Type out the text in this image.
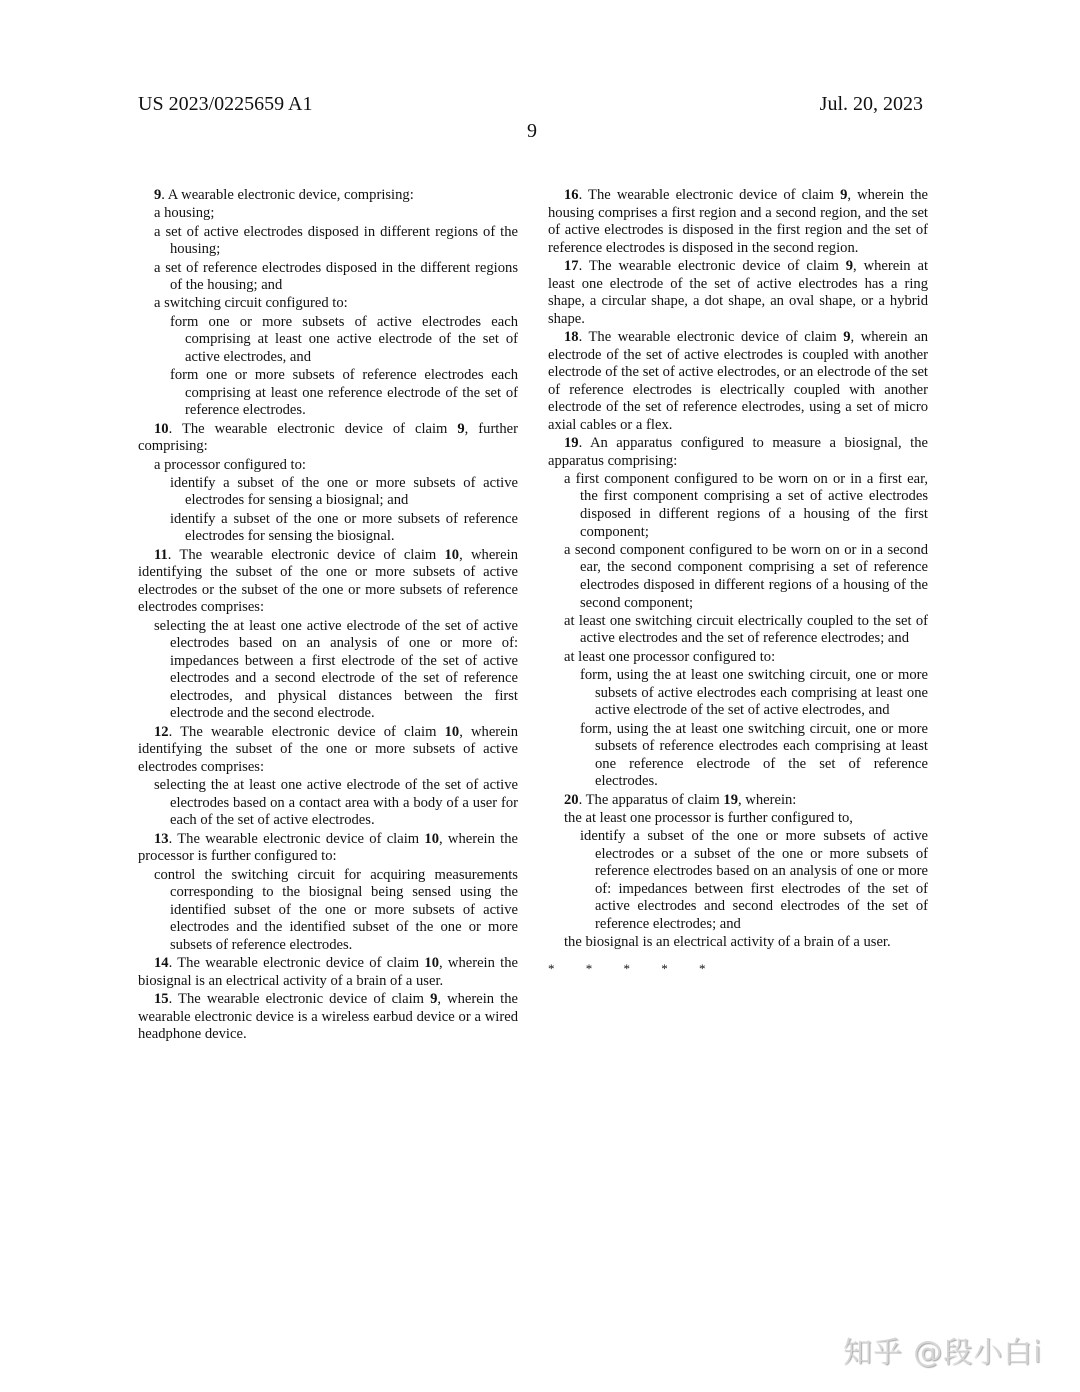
US 2023/0225659 A1	Jul. 20, 2023
9

9. A wearable electronic device, comprising:

a housing;

a set of active electrodes disposed in different regions of the housing;

a set of reference electrodes disposed in the different regions of the housing; and

a switching circuit configured to:

form one or more subsets of active electrodes each comprising at least one active electrode of the set of active electrodes, and

form one or more subsets of reference electrodes each comprising at least one reference electrode of the set of reference electrodes.

10. The wearable electronic device of claim 9, further comprising:

a processor configured to:

identify a subset of the one or more subsets of active electrodes for sensing a biosignal; and

identify a subset of the one or more subsets of reference electrodes for sensing the biosignal.

11. The wearable electronic device of claim 10, wherein identifying the subset of the one or more subsets of active electrodes or the subset of the one or more subsets of reference electrodes comprises:

selecting the at least one active electrode of the set of active electrodes based on an analysis of one or more of: impedances between a first electrode of the set of active electrodes and a second electrode of the set of reference electrodes, and physical distances between the first electrode and the second electrode.

12. The wearable electronic device of claim 10, wherein identifying the subset of the one or more subsets of active electrodes comprises:

selecting the at least one active electrode of the set of active electrodes based on a contact area with a body of a user for each of the set of active electrodes.

13. The wearable electronic device of claim 10, wherein the processor is further configured to:

control the switching circuit for acquiring measurements corresponding to the biosignal being sensed using the identified subset of the one or more subsets of active electrodes and the identified subset of the one or more subsets of reference electrodes.

14. The wearable electronic device of claim 10, wherein the biosignal is an electrical activity of a brain of a user.

15. The wearable electronic device of claim 9, wherein the wearable electronic device is a wireless earbud device or a wired headphone device.

16. The wearable electronic device of claim 9, wherein the housing comprises a first region and a second region, and the set of active electrodes is disposed in the first region and the set of reference electrodes is disposed in the second region.

17. The wearable electronic device of claim 9, wherein at least one electrode of the set of active electrodes has a ring shape, a circular shape, a dot shape, an oval shape, or a hybrid shape.

18. The wearable electronic device of claim 9, wherein an electrode of the set of active electrodes is coupled with another electrode of the set of active electrodes, or an electrode of the set of reference electrodes is electrically coupled with another electrode of the set of reference electrodes, using a set of micro axial cables or a flex.

19. An apparatus configured to measure a biosignal, the apparatus comprising:

a first component configured to be worn on or in a first ear, the first component comprising a set of active electrodes disposed in different regions of a housing of the first component;

a second component configured to be worn on or in a second ear, the second component comprising a set of reference electrodes disposed in different regions of a housing of the second component;

at least one switching circuit electrically coupled to the set of active electrodes and the set of reference electrodes; and

at least one processor configured to:

form, using the at least one switching circuit, one or more subsets of active electrodes each comprising at least one active electrode of the set of active electrodes, and

form, using the at least one switching circuit, one or more subsets of reference electrodes each comprising at least one reference electrode of the set of reference electrodes.

20. The apparatus of claim 19, wherein:

the at least one processor is further configured to,

identify a subset of the one or more subsets of active electrodes or a subset of the one or more subsets of reference electrodes based on an analysis of one or more of: impedances between first electrodes of the set of active electrodes and second electrodes of the set of reference electrodes; and

the biosignal is an electrical activity of a brain of a user.

* * * * *

知乎 @段小白i
